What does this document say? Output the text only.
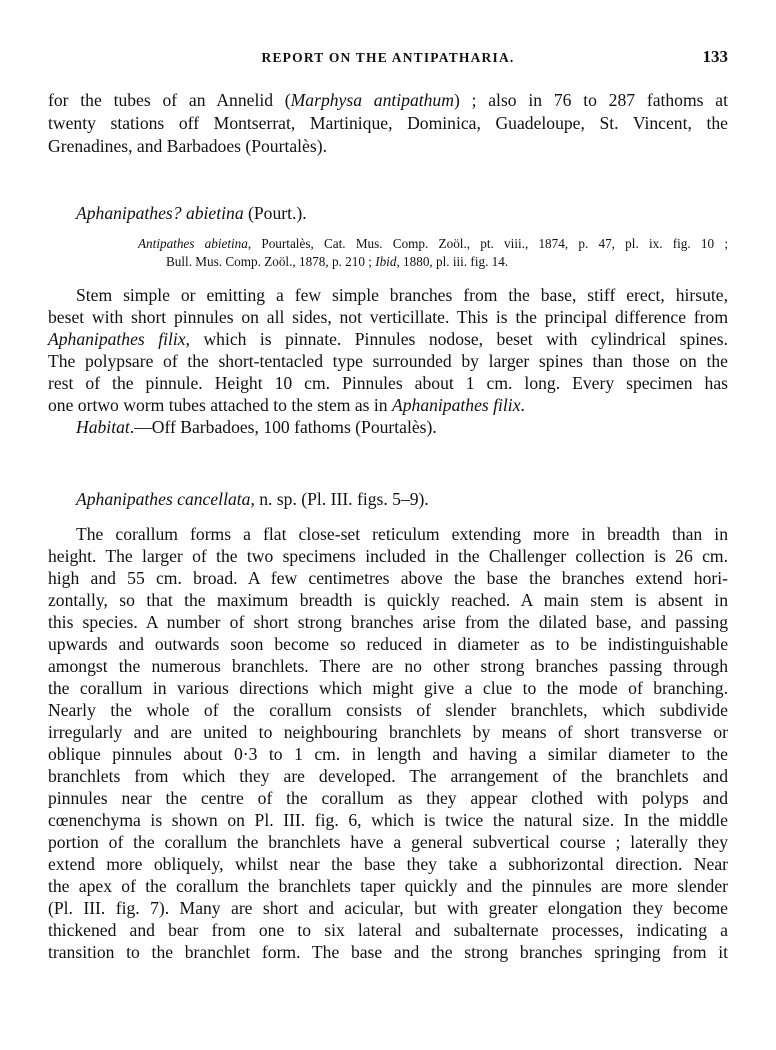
REPORT ON THE ANTIPATHARIA.	133
for the tubes of an Annelid (Marphysa antipathum) ; also in 76 to 287 fathoms at
twenty stations off Montserrat, Martinique, Dominica, Guadeloupe, St. Vincent, the
Grenadines, and Barbadoes (Pourtalès).
Aphanipathes? abietina (Pourt.).
Antipathes abietina, Pourtalès, Cat. Mus. Comp. Zoöl., pt. viii., 1874, p. 47, pl. ix. fig. 10 ;
Bull. Mus. Comp. Zoöl., 1878, p. 210 ; Ibid, 1880, pl. iii. fig. 14.
Stem simple or emitting a few simple branches from the base, stiff erect, hirsute,
beset with short pinnules on all sides, not verticillate. This is the principal difference from
Aphanipathes filix, which is pinnate. Pinnules nodose, beset with cylindrical spines.
The polypsare of the short-tentacled type surrounded by larger spines than those on the
rest of the pinnule. Height 10 cm. Pinnules about 1 cm. long. Every specimen has
one ortwo worm tubes attached to the stem as in Aphanipathes filix.
Habitat.—Off Barbadoes, 100 fathoms (Pourtalès).
Aphanipathes cancellata, n. sp. (Pl. III. figs. 5–9).
The corallum forms a flat close-set reticulum extending more in breadth than in
height. The larger of the two specimens included in the Challenger collection is 26 cm.
high and 55 cm. broad. A few centimetres above the base the branches extend hori-
zontally, so that the maximum breadth is quickly reached. A main stem is absent in
this species. A number of short strong branches arise from the dilated base, and passing
upwards and outwards soon become so reduced in diameter as to be indistinguishable
amongst the numerous branchlets. There are no other strong branches passing through
the corallum in various directions which might give a clue to the mode of branching.
Nearly the whole of the corallum consists of slender branchlets, which subdivide
irregularly and are united to neighbouring branchlets by means of short transverse or
oblique pinnules about 0·3 to 1 cm. in length and having a similar diameter to the
branchlets from which they are developed. The arrangement of the branchlets and
pinnules near the centre of the corallum as they appear clothed with polyps and
cœnenchyma is shown on Pl. III. fig. 6, which is twice the natural size. In the middle
portion of the corallum the branchlets have a general subvertical course ; laterally they
extend more obliquely, whilst near the base they take a subhorizontal direction. Near
the apex of the corallum the branchlets taper quickly and the pinnules are more slender
(Pl. III. fig. 7). Many are short and acicular, but with greater elongation they become
thickened and bear from one to six lateral and subalternate processes, indicating a
transition to the branchlet form. The base and the strong branches springing from it
